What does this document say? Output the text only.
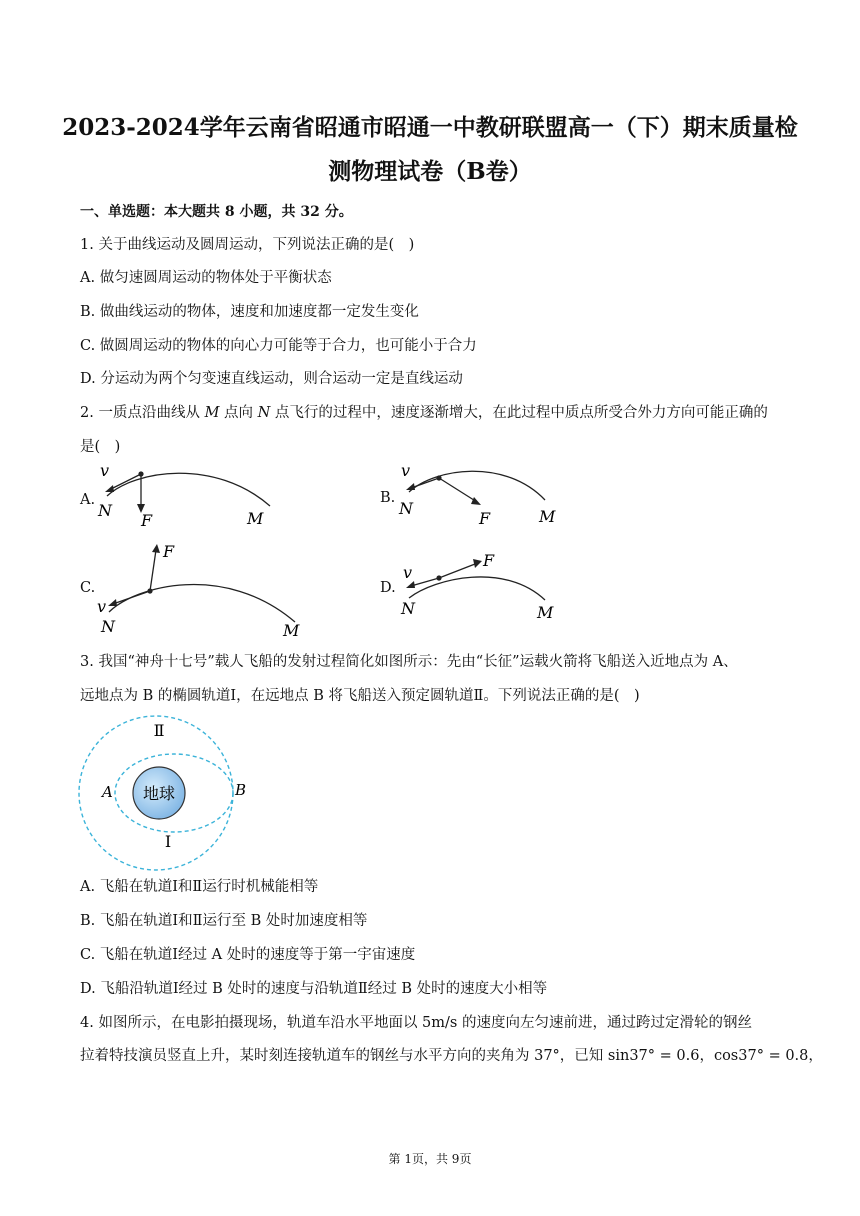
2023-2024学年云南省昭通市昭通一中教研联盟高一（下）期末质量检
测物理试卷（B卷）
一、单选题：本大题共 8 小题，共 32 分。
1. 关于曲线运动及圆周运动，下列说法正确的是(　)
A. 做匀速圆周运动的物体处于平衡状态
B. 做曲线运动的物体，速度和加速度都一定发生变化
C. 做圆周运动的物体的向心力可能等于合力，也可能小于合力
D. 分运动为两个匀变速直线运动，则合运动一定是直线运动
2. 一质点沿曲线从 M 点向 N 点飞行的过程中，速度逐渐增大，在此过程中质点所受合外力方向可能正确的
是(　)
A.
v
N
F	M
B.
v
N
F	M
C.
F
v
N	M
D.
F
v
N	M
3. 我国“神舟十七号”载人飞船的发射过程简化如图所示：先由“长征”运载火箭将飞船送入近地点为 A、
远地点为 B 的椭圆轨道Ⅰ，在远地点 B 将飞船送入预定圆轨道Ⅱ。下列说法正确的是(　)
地球
Ⅱ
Ⅰ
A	B
A. 飞船在轨道Ⅰ和Ⅱ运行时机械能相等
B. 飞船在轨道Ⅰ和Ⅱ运行至 B 处时加速度相等
C. 飞船在轨道Ⅰ经过 A 处时的速度等于第一宇宙速度
D. 飞船沿轨道Ⅰ经过 B 处时的速度与沿轨道Ⅱ经过 B 处时的速度大小相等
4. 如图所示，在电影拍摄现场，轨道车沿水平地面以 5m/s 的速度向左匀速前进，通过跨过定滑轮的钢丝
拉着特技演员竖直上升，某时刻连接轨道车的钢丝与水平方向的夹角为 37°，已知 sin37° = 0.6，cos37° = 0.8，
第 1页，共 9页
